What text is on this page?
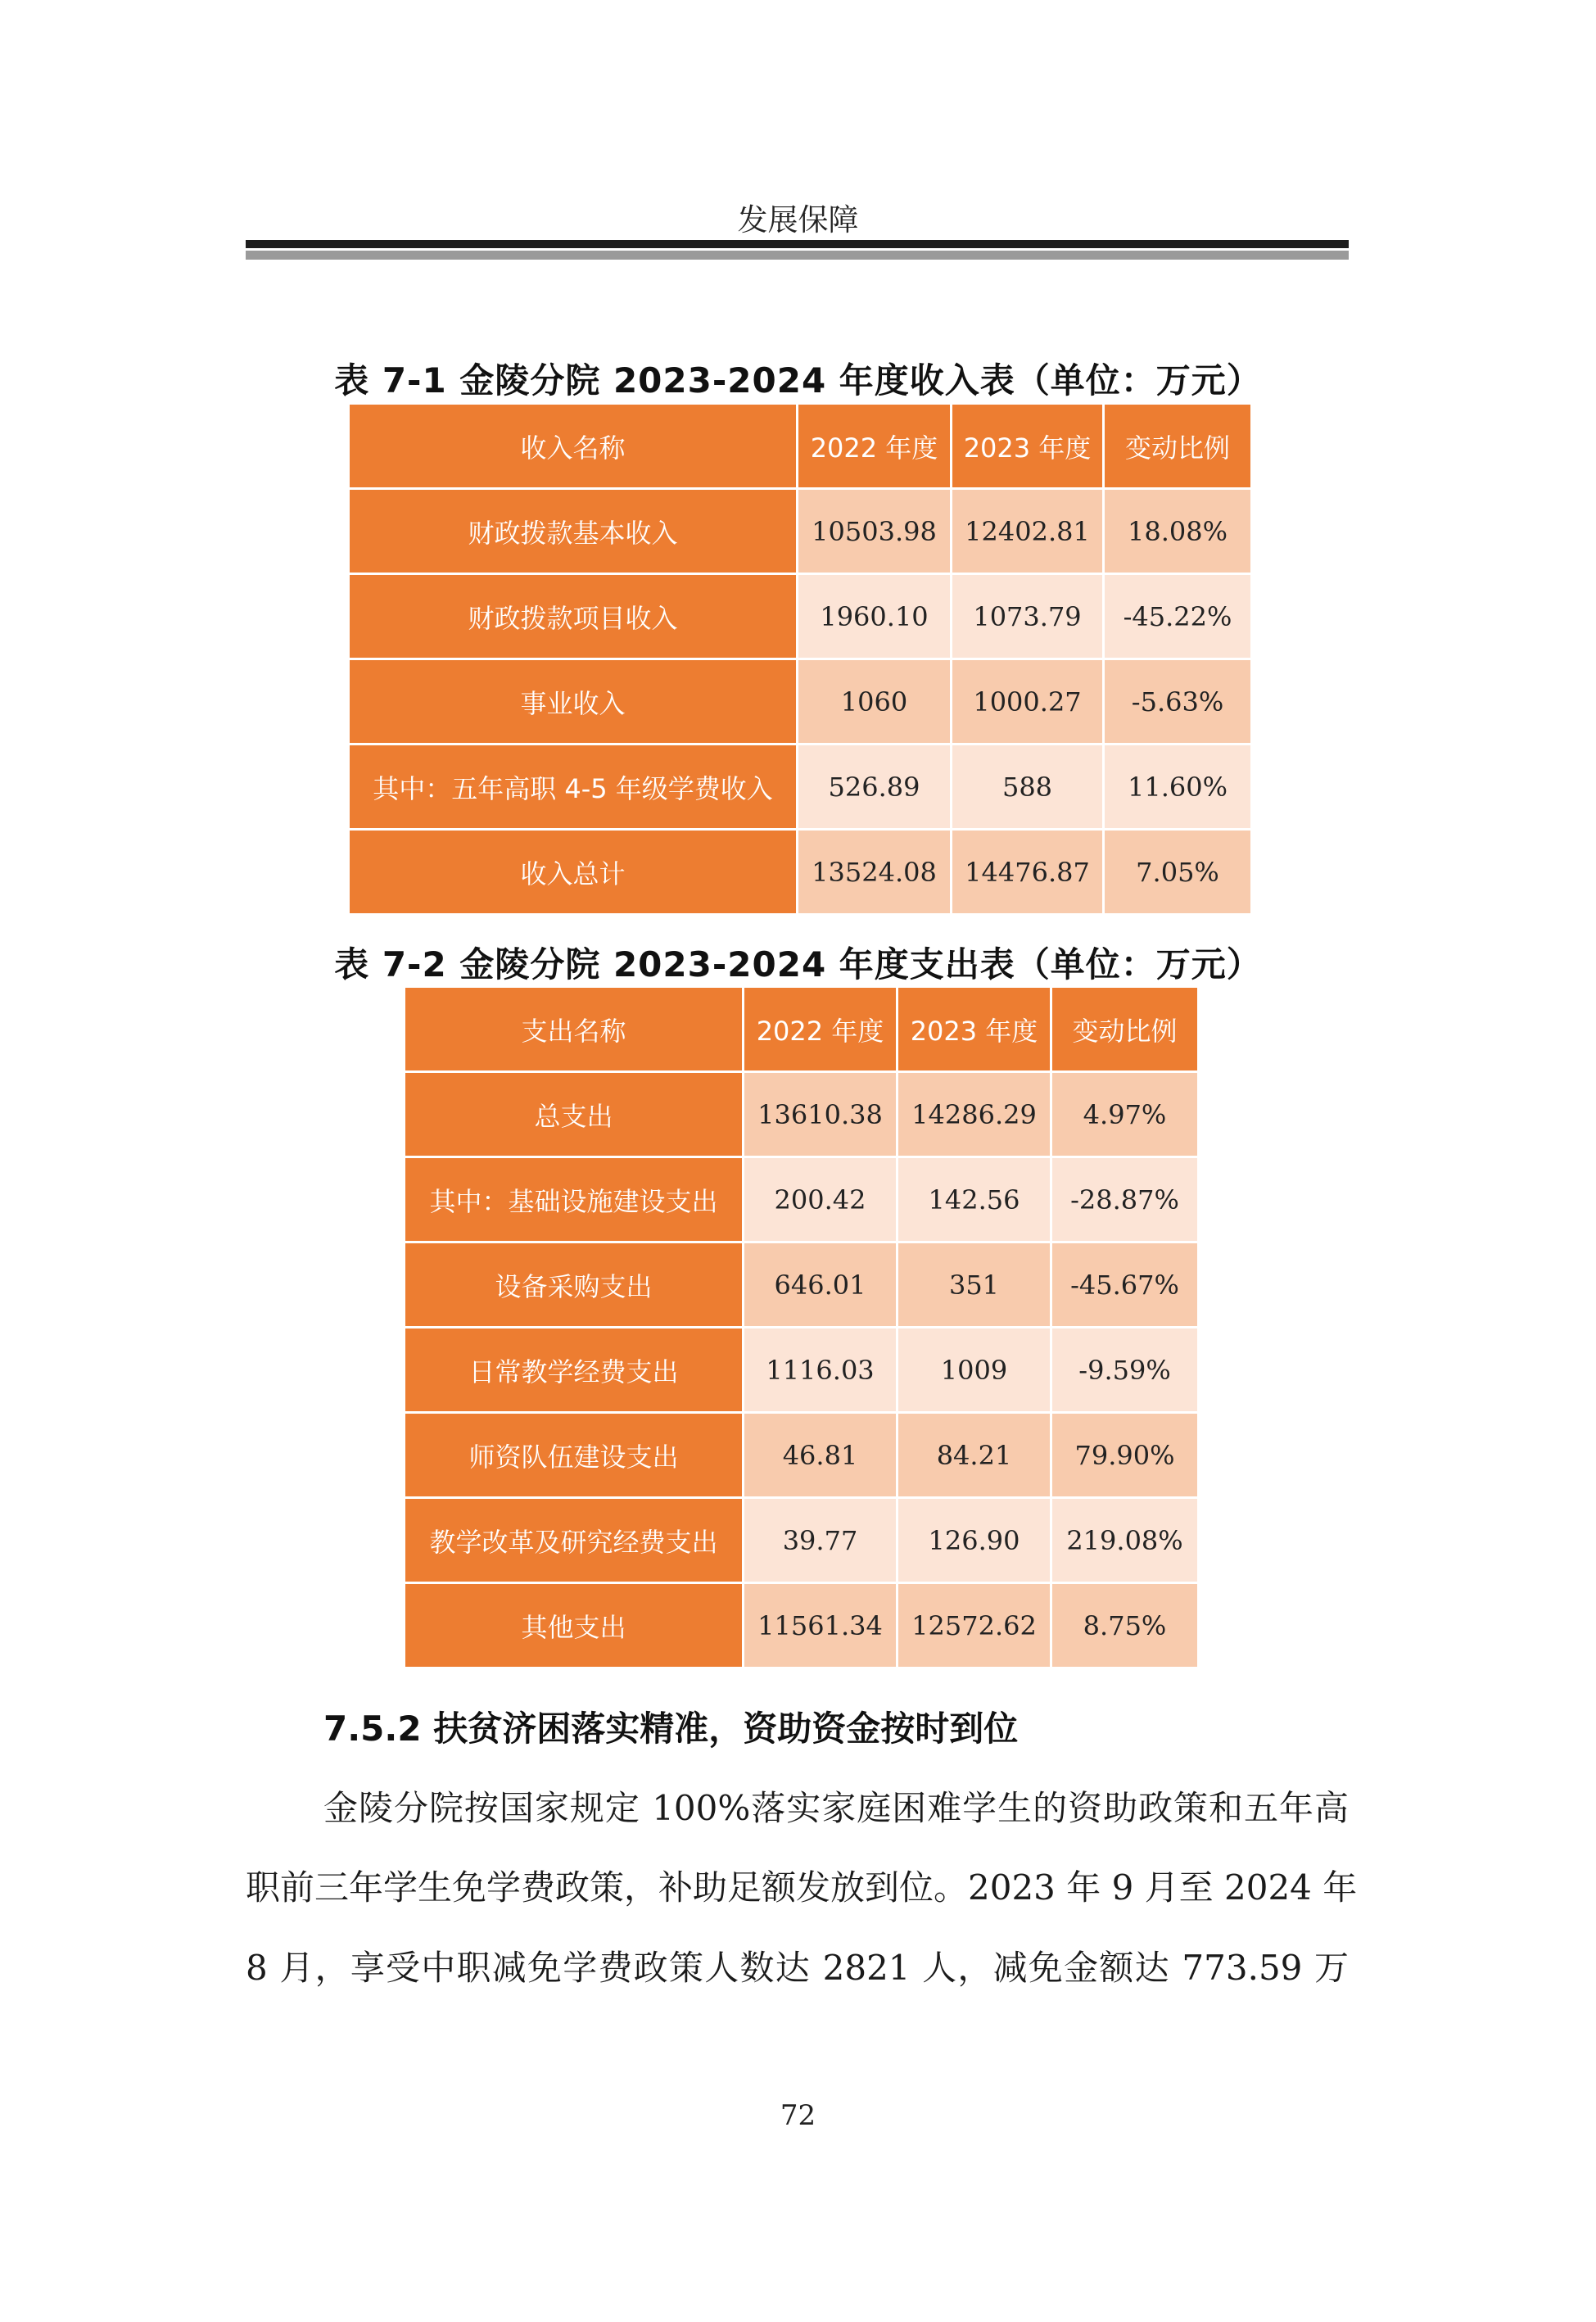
发展保障
表 7-1 金陵分院 2023-2024 年度收入表（单位：万元）
收入名称	2022 年度	2023 年度	变动比例
财政拨款基本收入	10503.98	12402.81	18.08%
财政拨款项目收入	1960.10	1073.79	-45.22%
事业收入	1060	1000.27	-5.63%
其中：五年高职 4-5 年级学费收入	526.89	588	11.60%
收入总计	13524.08	14476.87	7.05%
表 7-2 金陵分院 2023-2024 年度支出表（单位：万元）
支出名称	2022 年度	2023 年度	变动比例
总支出	13610.38	14286.29	4.97%
其中：基础设施建设支出	200.42	142.56	-28.87%
设备采购支出	646.01	351	-45.67%
日常教学经费支出	1116.03	1009	-9.59%
师资队伍建设支出	46.81	84.21	79.90%
教学改革及研究经费支出	39.77	126.90	219.08%
其他支出	11561.34	12572.62	8.75%
7.5.2 扶贫济困落实精准，资助资金按时到位
金陵分院按国家规定 100%落实家庭困难学生的资助政策和五年高
职前三年学生免学费政策，补助足额发放到位。2023 年 9 月至 2024 年
8 月，享受中职减免学费政策人数达 2821 人，减免金额达 773.59 万
72
